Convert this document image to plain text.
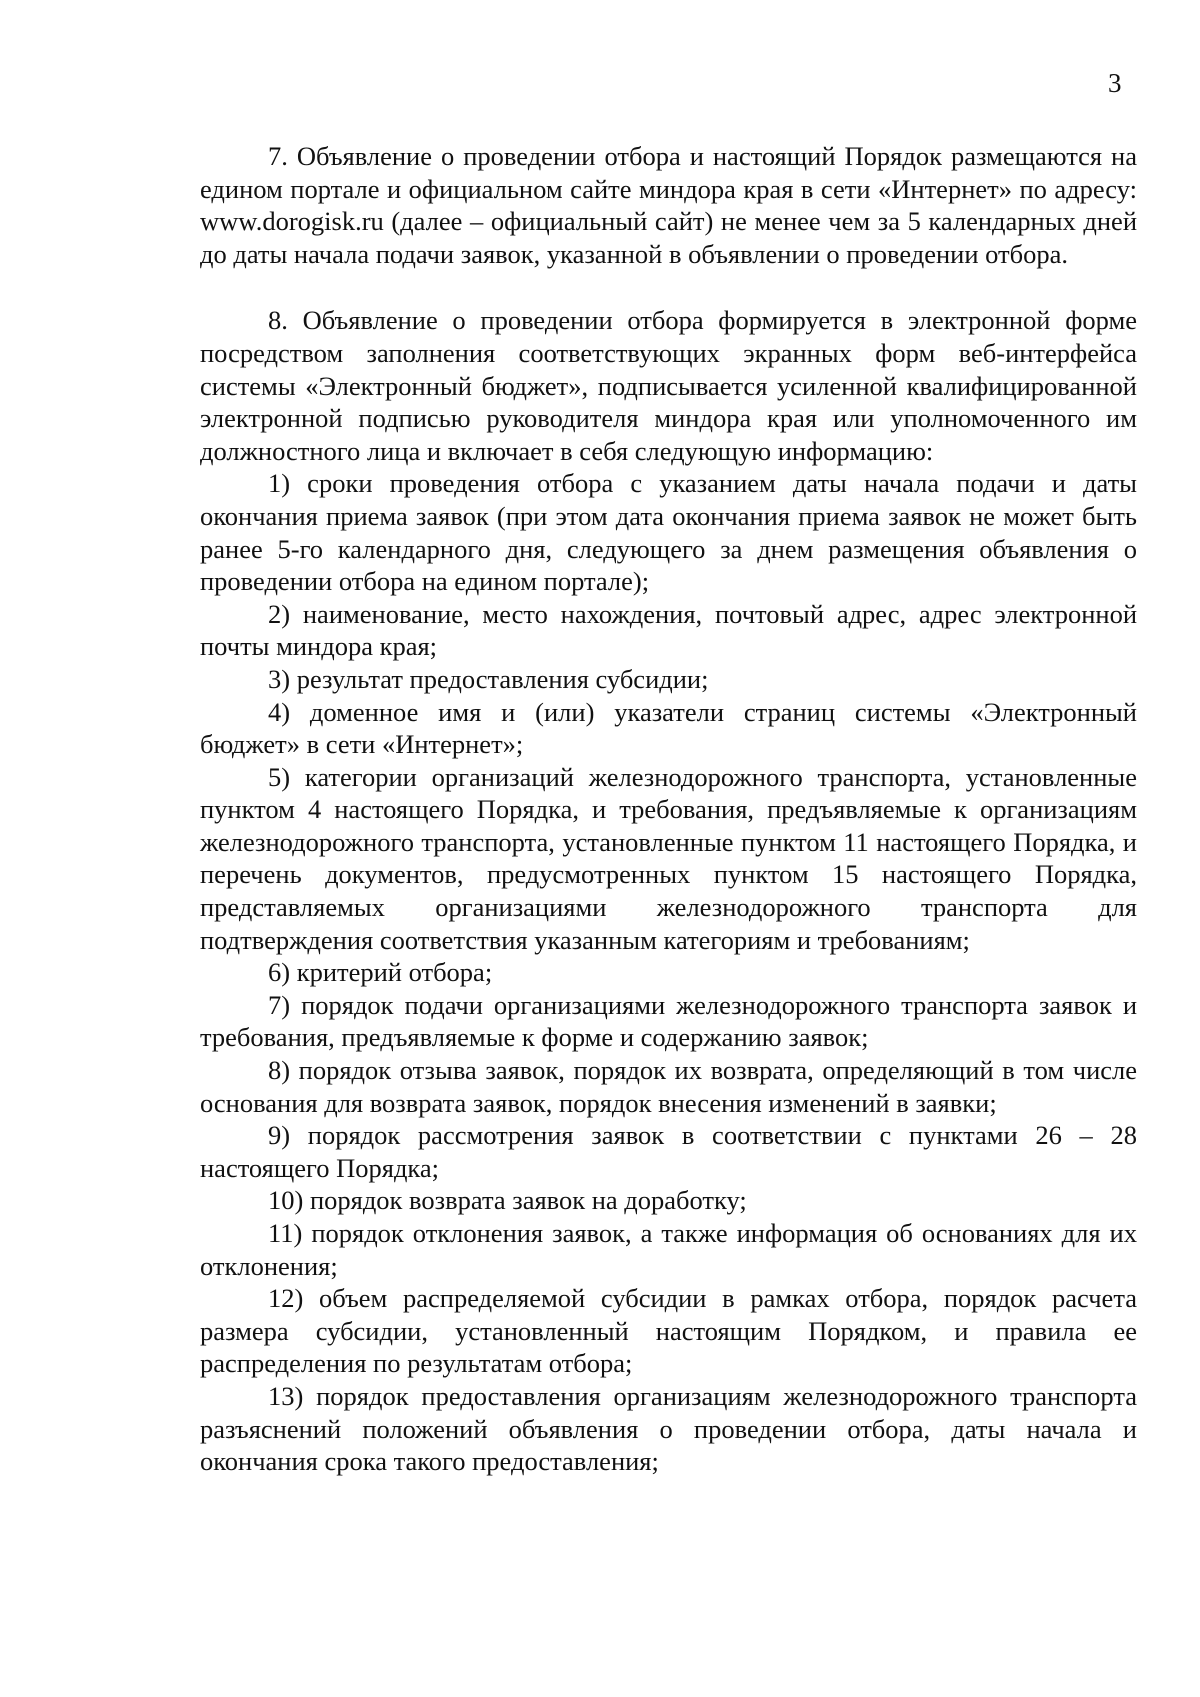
3

7. Объявление о проведении отбора и настоящий Порядок размещаются на едином портале и официальном сайте миндора края в сети «Интернет» по адресу: www.dorogisk.ru (далее – официальный сайт) не менее чем за 5 календарных дней до даты начала подачи заявок, указанной в объявлении о проведении отбора.

8. Объявление о проведении отбора формируется в электронной форме посредством заполнения соответствующих экранных форм веб-интерфейса системы «Электронный бюджет», подписывается усиленной квалифицированной электронной подписью руководителя миндора края или уполномоченного им должностного лица и включает в себя следующую информацию:

1) сроки проведения отбора с указанием даты начала подачи и даты окончания приема заявок (при этом дата окончания приема заявок не может быть ранее 5-го календарного дня, следующего за днем размещения объявления о проведении отбора на едином портале);

2) наименование, место нахождения, почтовый адрес, адрес электронной почты миндора края;

3) результат предоставления субсидии;

4) доменное имя и (или) указатели страниц системы «Электронный бюджет» в сети «Интернет»;

5) категории организаций железнодорожного транспорта, установленные пунктом 4 настоящего Порядка, и требования, предъявляемые к организациям железнодорожного транспорта, установленные пунктом 11 настоящего Порядка, и перечень документов, предусмотренных пунктом 15 настоящего Порядка, представляемых организациями железнодорожного транспорта для подтверждения соответствия указанным категориям и требованиям;

6) критерий отбора;

7) порядок подачи организациями железнодорожного транспорта заявок и требования, предъявляемые к форме и содержанию заявок;

8) порядок отзыва заявок, порядок их возврата, определяющий в том числе основания для возврата заявок, порядок внесения изменений в заявки;

9) порядок рассмотрения заявок в соответствии с пунктами 26 – 28 настоящего Порядка;

10) порядок возврата заявок на доработку;

11) порядок отклонения заявок, а также информация об основаниях для их отклонения;

12) объем распределяемой субсидии в рамках отбора, порядок расчета размера субсидии, установленный настоящим Порядком, и правила ее распределения по результатам отбора;

13) порядок предоставления организациям железнодорожного транспорта разъяснений положений объявления о проведении отбора, даты начала и окончания срока такого предоставления;
